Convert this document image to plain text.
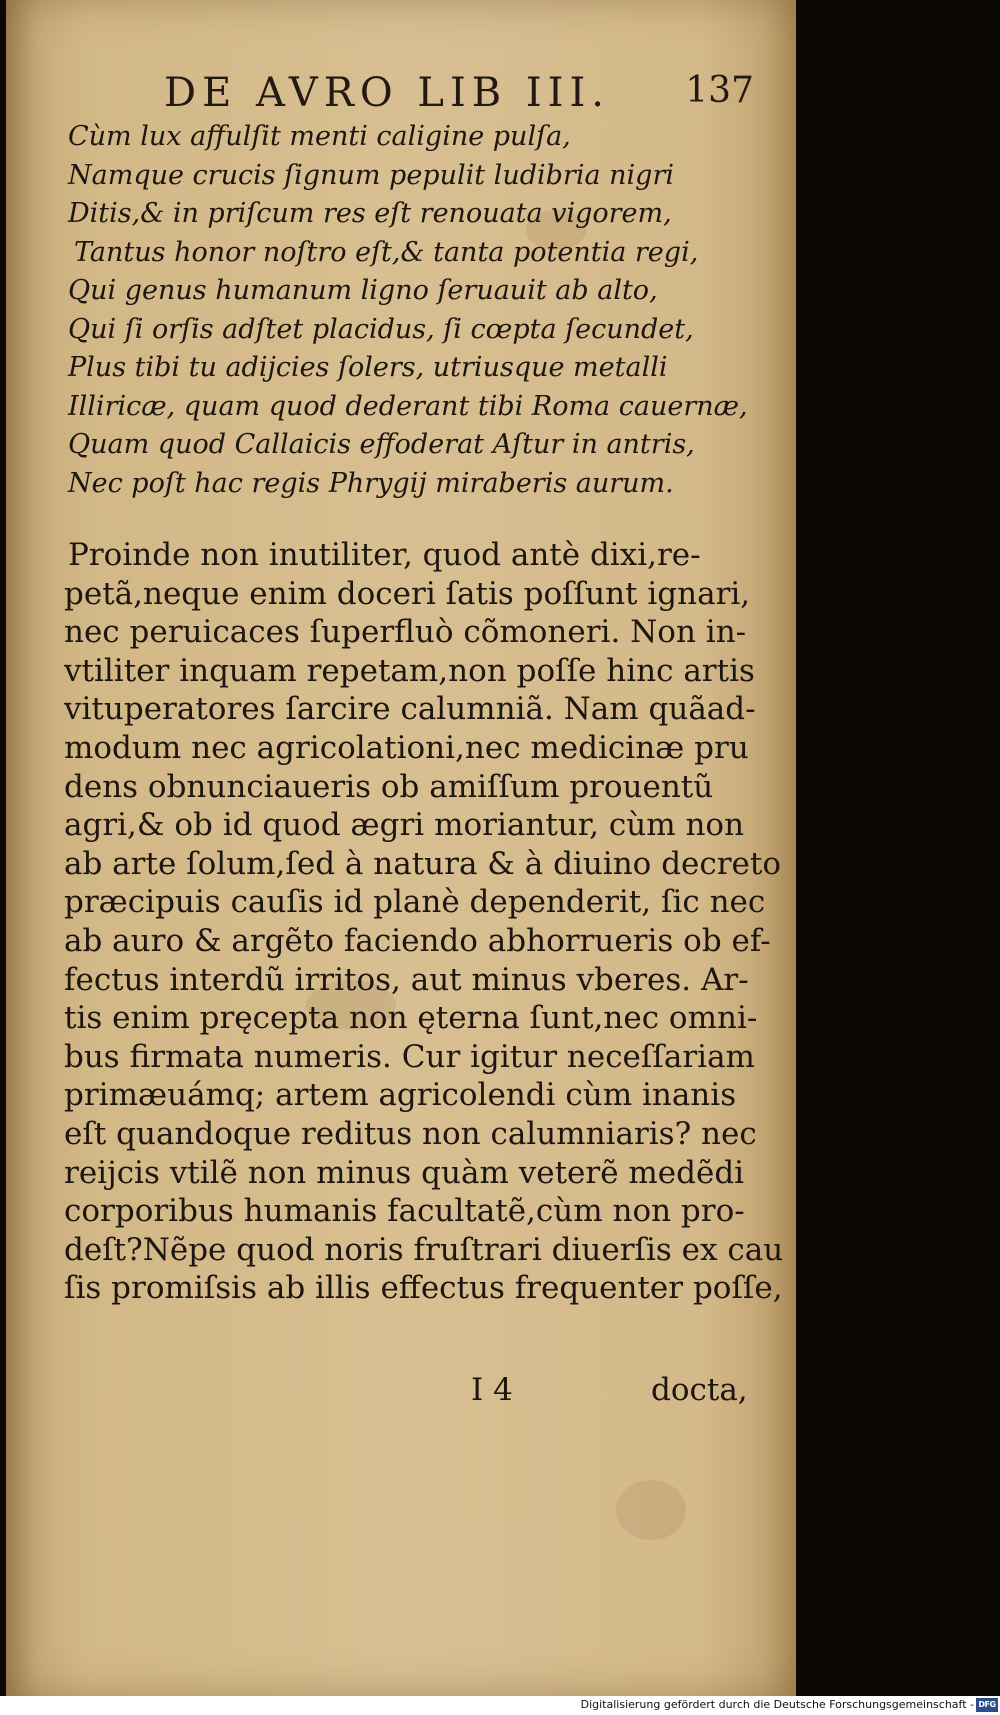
DE AVRO LIB III. 137
Cùm lux affulſit menti caligine pulſa,
Namque crucis ſignum pepulit ludibria nigri
Ditis,& in priſcum res eſt renouata vigorem,
Tantus honor noſtro eſt,& tanta potentia regi,
Qui genus humanum ligno ſeruauit ab alto,
Qui ſi orſis adſtet placidus, ſi cœpta ſecundet,
Plus tibi tu adijcies ſolers, utriusque metalli
Illiricæ, quam quod dederant tibi Roma cauernæ,
Quam quod Callaicis effoderat Aſtur in antris,
Nec poſt hac regis Phrygij miraberis aurum.
Proinde non inutiliter, quod antè dixi,re-
petã,neque enim doceri ſatis poſſunt ignari,
nec peruicaces ſuperfluò cõmoneri. Non in-
vtiliter inquam repetam,non poſſe hinc artis
vituperatores ſarcire calumniã. Nam quãad-
modum nec agricolationi,nec medicinæ pru
dens obnunciaueris ob amiſſum prouentũ
agri,& ob id quod ægri moriantur, cùm non
ab arte ſolum,ſed à natura & à diuino decreto
præcipuis cauſis id planè dependerit, ſic nec
ab auro & argẽto faciendo abhorrueris ob ef-
fectus interdũ irritos, aut minus vberes. Ar-
tis enim pręcepta non ęterna ſunt,nec omni-
bus firmata numeris. Cur igitur neceſſariam
primæuámq; artem agricolendi cùm inanis
eſt quandoque reditus non calumniaris? nec
reijcis vtilẽ non minus quàm veterẽ medẽdi
corporibus humanis facultatẽ,cùm non pro-
deſt?Nẽpe quod noris fruſtrari diuerſis ex cau
ſis promiſsis ab illis effectus frequenter poſſe,
I 4	docta,
Digitalisierung gefördert durch die Deutsche Forschungsgemeinschaft - DFG
